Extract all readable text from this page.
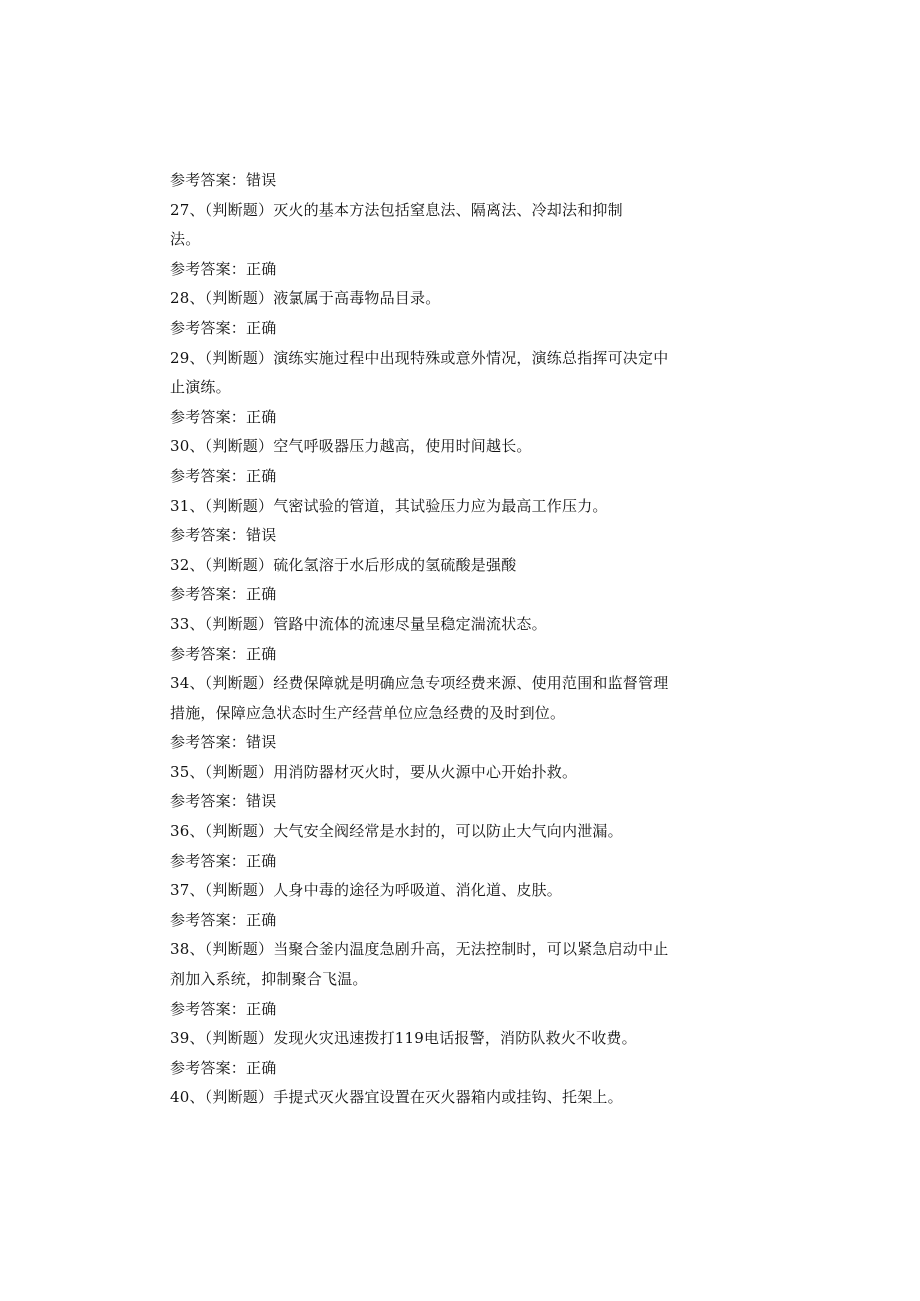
参考答案：错误
27、（判断题）灭火的基本方法包括窒息法、隔离法、冷却法和抑制
法。
参考答案：正确
28、（判断题）液氯属于高毒物品目录。
参考答案：正确
29、（判断题）演练实施过程中出现特殊或意外情况，演练总指挥可决定中
止演练。
参考答案：正确
30、（判断题）空气呼吸器压力越高，使用时间越长。
参考答案：正确
31、（判断题）气密试验的管道，其试验压力应为最高工作压力。
参考答案：错误
32、（判断题）硫化氢溶于水后形成的氢硫酸是强酸
参考答案：正确
33、（判断题）管路中流体的流速尽量呈稳定湍流状态。
参考答案：正确
34、（判断题）经费保障就是明确应急专项经费来源、使用范围和监督管理
措施，保障应急状态时生产经营单位应急经费的及时到位。
参考答案：错误
35、（判断题）用消防器材灭火时，要从火源中心开始扑救。
参考答案：错误
36、（判断题）大气安全阀经常是水封的，可以防止大气向内泄漏。
参考答案：正确
37、（判断题）人身中毒的途径为呼吸道、消化道、皮肤。
参考答案：正确
38、（判断题）当聚合釜内温度急剧升高，无法控制时，可以紧急启动中止
剂加入系统，抑制聚合飞温。
参考答案：正确
39、（判断题）发现火灾迅速拨打119电话报警，消防队救火不收费。
参考答案：正确
40、（判断题）手提式灭火器宜设置在灭火器箱内或挂钩、托架上。
